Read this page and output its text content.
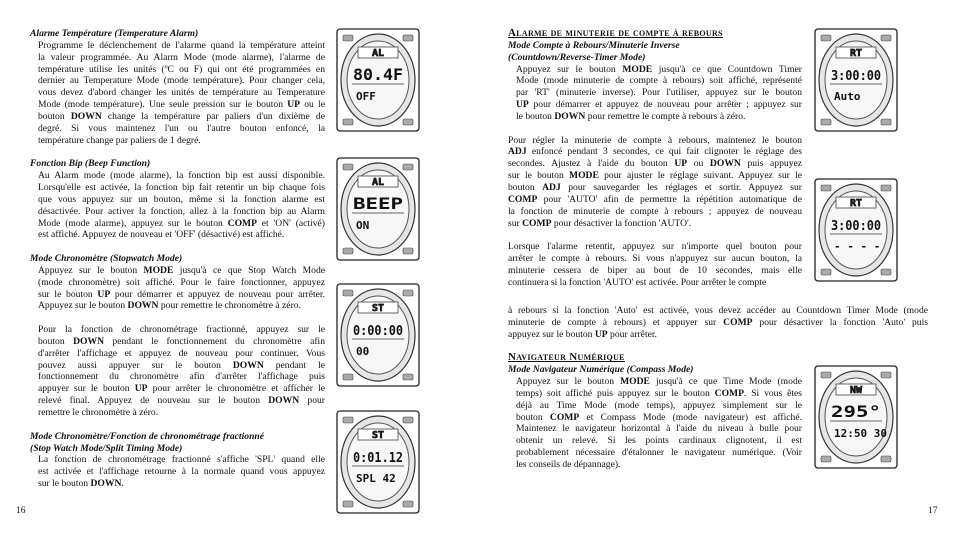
Alarme Température (Temperature Alarm)

Programme le déclenchement de l'alarme quand la température atteint

la valeur programmée. Au Alarm Mode (mode alarme), l'alarme de

température utilise les unités (ºC ou F) qui ont été programmées en

dernier au Temperature Mode (mode température). Pour changer cela,

vous devez d'abord changer les unités de température au Temperature

Mode (mode température). Une seule pression sur le bouton UP ou le

bouton DOWN change la température par paliers d'un dixième de

degré. Si vous maintenez l'un ou l'autre bouton enfoncé, la

température change par paliers de 1 degré.

Fonction Bip (Beep Function)

Au Alarm mode (mode alarme), la fonction bip est aussi disponible.

Lorsqu'elle est activée, la fonction bip fait retentir un bip chaque fois

que vous appuyez sur un bouton, même si la fonction alarme est

désactivée. Pour activer la fonction, allez à la fonction bip au Alarm

Mode (mode alarme), appuyez sur le bouton COMP et 'ON' (activé)

est affiché. Appuyez de nouveau et 'OFF' (désactivé) est affiché.

Mode Chronomètre (Stopwatch Mode)

Appuyez sur le bouton MODE jusqu'à ce que Stop Watch Mode

(mode chronomètre) soit affiché. Pour le faire fonctionner, appuyez

sur le bouton UP pour démarrer et appuyez de nouveau pour arrêter.

Appuyez sur le bouton DOWN pour remettre le chronomètre à zéro.

Pour la fonction de chronométrage fractionné, appuyez sur le

bouton DOWN pendant le fonctionnement du chronomètre afin

d'arrêter l'affichage et appuyez de nouveau pour continuer. Vous

pouvez aussi appuyer sur le bouton DOWN pendant le

fonctionnement du chronomètre afin d'arrêter l'affichage puis

appuyer sur le bouton UP pour arrêter le chronomètre et afficher le

relevé final. Appuyez de nouveau sur le bouton DOWN pour

remettre le chronomètre à zéro.

Mode Chronomètre/Fonction de chronométrage fractionné

(Stop Watch Mode/Split Timing Mode)

La fonction de chronométrage fractionné s'affiche 'SPL' quand elle

est activée et l'affichage retourne à la normale quand vous appuyez

sur le bouton DOWN.

16

Alarme de minuterie de compte à rebours

Mode Compte à Rebours/Minuterie Inverse

(Countdown/Reverse-Timer Mode)

Appuyez sur le bouton MODE jusqu'à ce que Countdown Timer

Mode (mode minuterie de compte à rebours) soit affiché, représenté

par 'RT' (minuterie inverse). Pour l'utiliser, appuyez sur le bouton

UP pour démarrer et appuyez de nouveau pour arrêter ; appuyez sur

le bouton DOWN pour remettre le compte à rebours à zéro.

Pour régler la minuterie de compte à rebours, maintenez le bouton

ADJ enfoncé pendant 3 secondes, ce qui fait clignoter le réglage des

secondes. Ajustez à l'aide du bouton UP ou DOWN puis appuyez

sur le bouton MODE pour ajuster le réglage suivant. Appuyez sur le

bouton ADJ pour sauvegarder les réglages et sortir. Appuyez sur

COMP pour 'AUTO' afin de permettre la répétition automatique de

la fonction de minuterie de compte à rebours ; appuyez de nouveau

sur COMP pour désactiver la fonction 'AUTO'.

Lorsque l'alarme retentit, appuyez sur n'importe quel bouton pour

arrêter le compte à rebours. Si vous n'appuyez sur aucun bouton, la

minuterie cessera de biper au bout de 10 secondes, mais elle

continuera si la fonction 'AUTO' est activée. Pour arrêter le compte

à rebours si la fonction 'Auto' est activée, vous devez accéder au Countdown Timer Mode (mode

minuterie de compte à rebours) et appuyer sur COMP pour désactiver la fonction 'Auto' puis

appuyez sur le bouton UP pour arrêter.

Navigateur Numérique

Mode Navigateur Numérique (Compass Mode)

Appuyez sur le bouton MODE jusqu'à ce que Time Mode (mode

temps) soit affiché puis appuyez sur le bouton COMP. Si vous êtes

déjà au Time Mode (mode temps), appuyez simplement sur le

bouton COMP et Compass Mode (mode navigateur) est affiché.

Maintenez le navigateur horizontal à l'aide du niveau à bulle pour

obtenir un relevé. Si les points cardinaux clignotent, il est

probablement nécessaire d'étalonner le navigateur numérique. (Voir

les conseils de dépannage).

17
AL
80.4F
OFF
AL
BEEP
ON
ST
0:00:00
00
ST
0:01.12
SPL 42
RT
3:00:00
Auto
RT
3:00:00
- - - -
NW
295°
12:50 30
